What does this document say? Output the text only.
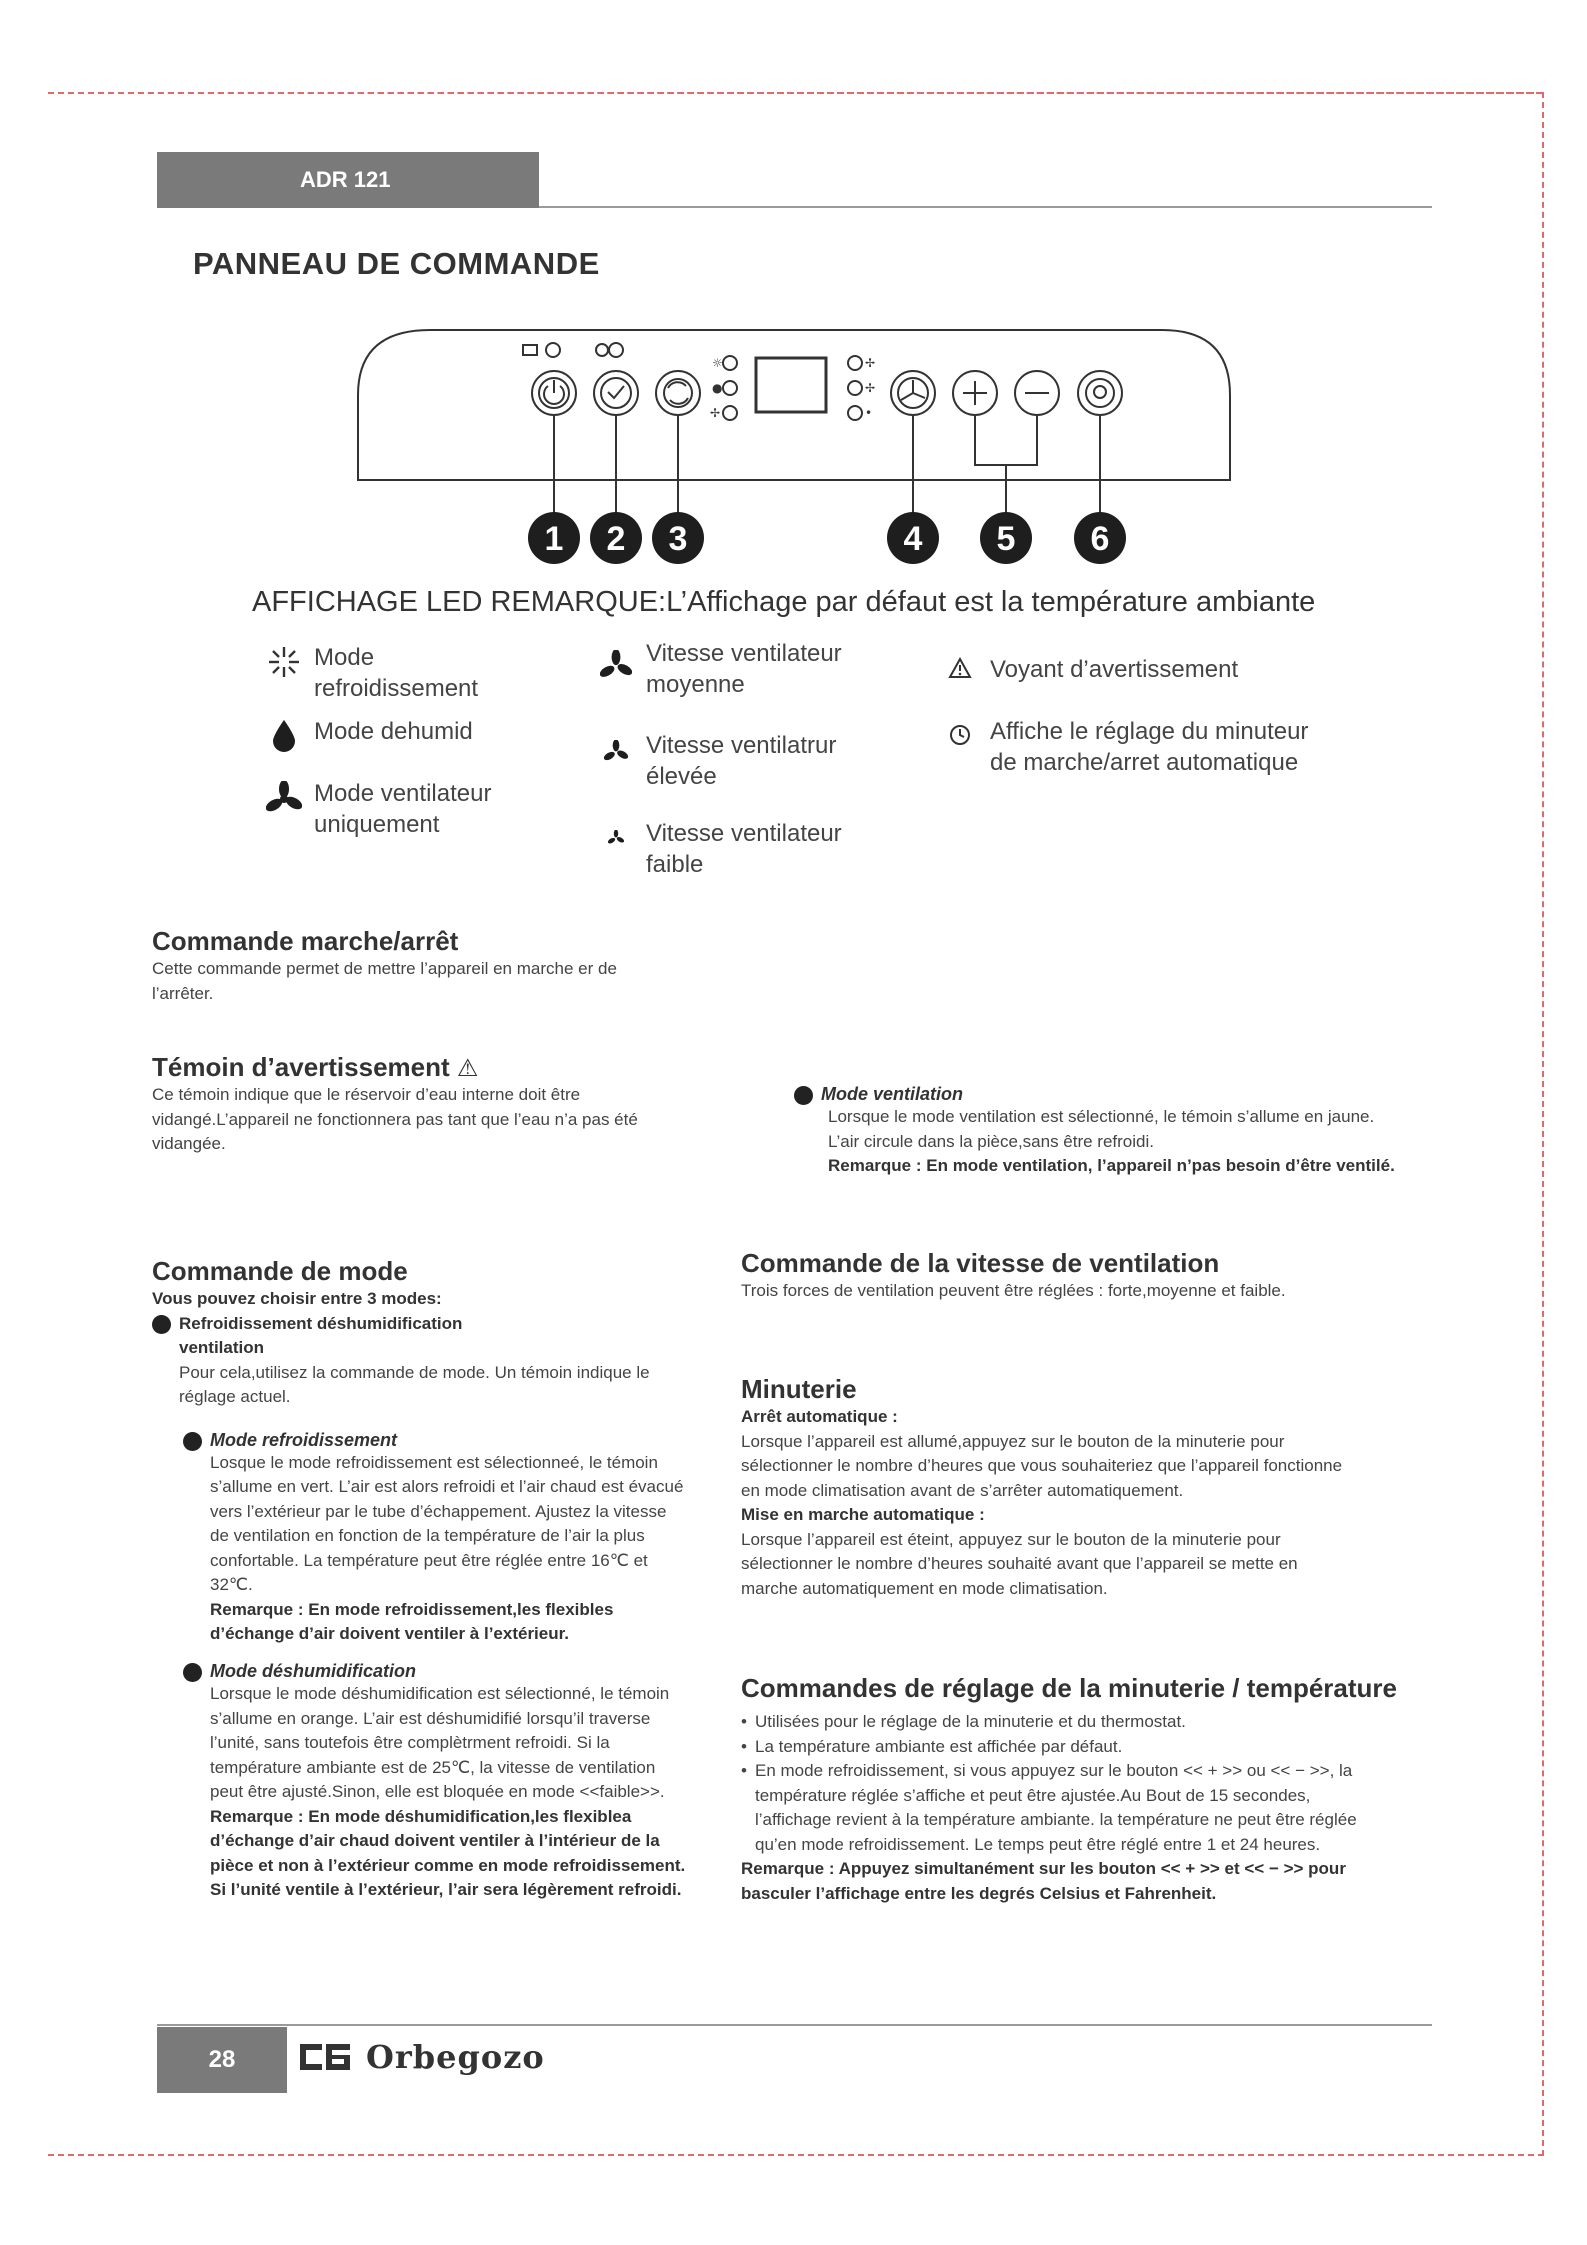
ADR 121
PANNEAU DE COMMANDE
☼
●
✢
✢
✢
•
1 2 3	4 5 6
AFFICHAGE LED REMARQUE:L’Affichage par défaut est la température ambiante
Mode refroidissement
Mode dehumid
Mode ventilateur uniquement
Vitesse ventilateur moyenne
Vitesse ventilatrur élevée
Vitesse ventilateur faible
Voyant d’avertissement
Affiche le réglage du minuteur de marche/arret automatique
Commande marche/arrêt
Cette commande permet de mettre l’appareil en marche er de l’arrêter.
Témoin d’avertissement ⚠
Ce témoin indique que le réservoir d’eau interne doit être vidangé.L’appareil ne fonctionnera pas tant que l’eau n’a pas été vidangée.
Mode ventilation
Lorsque le mode ventilation est sélectionné, le témoin s’allume en jaune. L’air circule dans la pièce,sans être refroidi.
Remarque : En mode ventilation, l’appareil n’pas besoin d’être ventilé.
Commande de mode
Vous pouvez choisir entre 3 modes:
Refroidissement déshumidification ventilation
Pour cela,utilisez la commande de mode. Un témoin indique le réglage actuel.
Mode refroidissement
Losque le mode refroidissement est sélectionneé, le témoin s’allume en vert. L’air est alors refroidi et l’air chaud est évacué vers l’extérieur par le tube d’échappement. Ajustez la vitesse de ventilation en fonction de la température de l’air la plus confortable. La température peut être réglée entre 16℃ et 32℃.
Remarque : En mode refroidissement,les flexibles d’échange d’air doivent ventiler à l’extérieur.
Mode déshumidification
Lorsque le mode déshumidification est sélectionné, le témoin s’allume en orange. L’air est déshumidifié lorsqu’il traverse l’unité, sans toutefois être complètrment refroidi. Si la température ambiante est de 25℃, la vitesse de ventilation peut être ajusté.Sinon, elle est bloquée en mode <<faible>>.
Remarque : En mode déshumidification,les flexiblea d’échange d’air chaud doivent ventiler à l’intérieur de la pièce et non à l’extérieur comme en mode refroidissement. Si l’unité ventile à l’extérieur, l’air sera légèrement refroidi.
Commande de la vitesse de ventilation
Trois forces de ventilation peuvent être réglées : forte,moyenne et faible.
Minuterie
Arrêt automatique :
Lorsque l’appareil est allumé,appuyez sur le bouton de la minuterie pour sélectionner le nombre d’heures que vous souhaiteriez que l’appareil fonctionne en mode climatisation avant de s’arrêter automatiquement.
Mise en marche automatique :
Lorsque l’appareil est éteint, appuyez sur le bouton de la minuterie pour sélectionner le nombre d’heures souhaité avant que l’appareil se mette en marche automatiquement en mode climatisation.
Commandes de réglage de la minuterie / température
• Utilisées pour le réglage de la minuterie et du thermostat.
• La température ambiante est affichée par défaut.
• En mode refroidissement, si vous appuyez sur le bouton << + >> ou << − >>, la température réglée s’affiche et peut être ajustée.Au Bout de 15 secondes, l’affichage revient à la température ambiante. la température ne peut être réglée qu’en mode refroidissement. Le temps peut être réglé entre 1 et 24 heures.
Remarque : Appuyez simultanément sur les bouton << + >> et << − >> pour basculer l’affichage entre les degrés Celsius et Fahrenheit.
28	Orbegozo
